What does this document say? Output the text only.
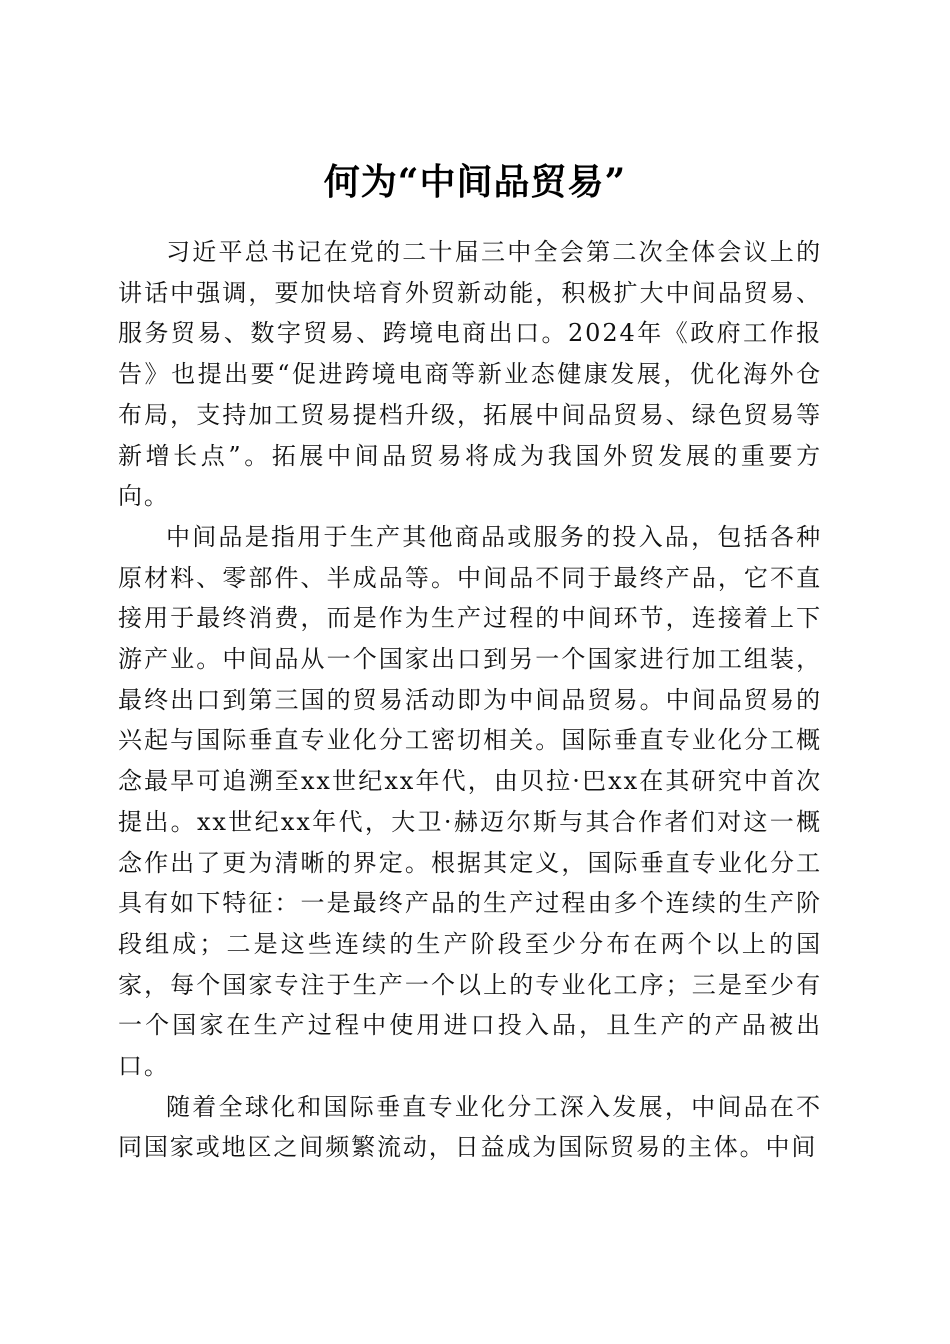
何为“中间品贸易”

习近平总书记在党的二十届三中全会第二次全体会议上的讲话中强调，要加快培育外贸新动能，积极扩大中间品贸易、服务贸易、数字贸易、跨境电商出口。2024年《政府工作报告》也提出要“促进跨境电商等新业态健康发展，优化海外仓布局，支持加工贸易提档升级，拓展中间品贸易、绿色贸易等新增长点”。拓展中间品贸易将成为我国外贸发展的重要方向。

中间品是指用于生产其他商品或服务的投入品，包括各种原材料、零部件、半成品等。中间品不同于最终产品，它不直接用于最终消费，而是作为生产过程的中间环节，连接着上下游产业。中间品从一个国家出口到另一个国家进行加工组装，最终出口到第三国的贸易活动即为中间品贸易。中间品贸易的兴起与国际垂直专业化分工密切相关。国际垂直专业化分工概念最早可追溯至xx世纪xx年代，由贝拉·巴xx在其研究中首次提出。xx世纪xx年代，大卫·赫迈尔斯与其合作者们对这一概念作出了更为清晰的界定。根据其定义，国际垂直专业化分工具有如下特征：一是最终产品的生产过程由多个连续的生产阶段组成；二是这些连续的生产阶段至少分布在两个以上的国家，每个国家专注于生产一个以上的专业化工序；三是至少有一个国家在生产过程中使用进口投入品，且生产的产品被出口。

随着全球化和国际垂直专业化分工深入发展，中间品在不同国家或地区之间频繁流动，日益成为国际贸易的主体。中间
